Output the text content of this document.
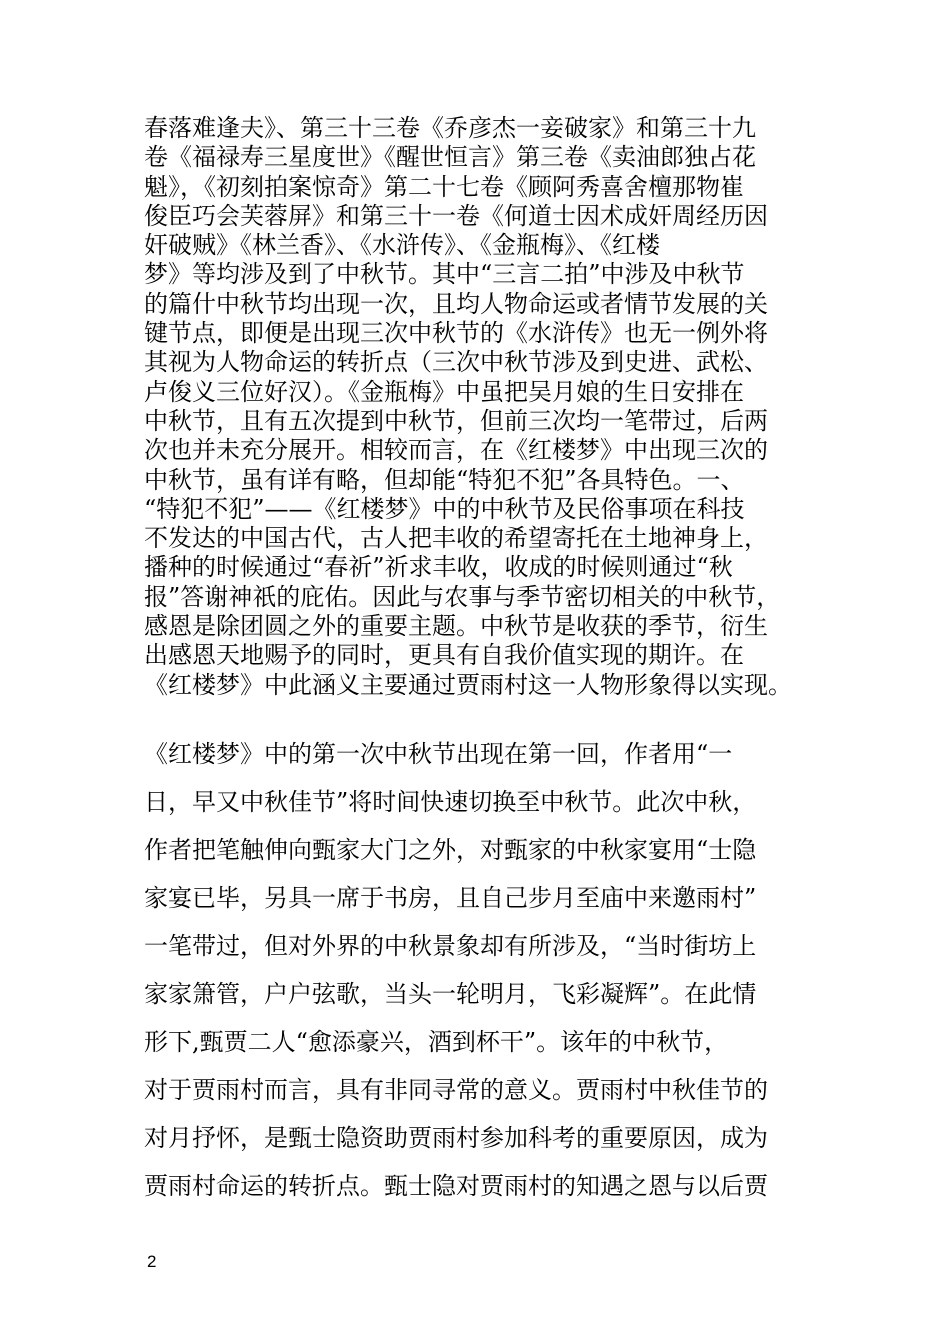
春落难逢夫》、第三十三卷《乔彦杰一妾破家》和第三十九
卷《福禄寿三星度世》《醒世恒言》第三卷《卖油郎独占花
魁》，《初刻拍案惊奇》第二十七卷《顾阿秀喜舍檀那物崔
俊臣巧会芙蓉屏》和第三十一卷《何道士因术成奸周经历因
奸破贼》《林兰香》、《水浒传》、《金瓶梅》、《红楼
梦》等均涉及到了中秋节。其中“三言二拍”中涉及中秋节
的篇什中秋节均出现一次，且均人物命运或者情节发展的关
键节点，即便是出现三次中秋节的《水浒传》也无一例外将
其视为人物命运的转折点（三次中秋节涉及到史进、武松、
卢俊义三位好汉）。《金瓶梅》中虽把吴月娘的生日安排在
中秋节，且有五次提到中秋节，但前三次均一笔带过，后两
次也并未充分展开。相较而言，在《红楼梦》中出现三次的
中秋节，虽有详有略，但却能“特犯不犯”各具特色。一、
“特犯不犯”——《红楼梦》中的中秋节及民俗事项在科技
不发达的中国古代，古人把丰收的希望寄托在土地神身上，
播种的时候通过“春祈”祈求丰收，收成的时候则通过“秋
报”答谢神祇的庇佑。因此与农事与季节密切相关的中秋节，
感恩是除团圆之外的重要主题。中秋节是收获的季节，衍生
出感恩天地赐予的同时，更具有自我价值实现的期许。在
《红楼梦》中此涵义主要通过贾雨村这一人物形象得以实现。
《红楼梦》中的第一次中秋节出现在第一回，作者用“一
日，早又中秋佳节”将时间快速切换至中秋节。此次中秋，
作者把笔触伸向甄家大门之外，对甄家的中秋家宴用“士隐
家宴已毕，另具一席于书房，且自己步月至庙中来邀雨村”
一笔带过，但对外界的中秋景象却有所涉及，“当时街坊上
家家箫管，户户弦歌，当头一轮明月，飞彩凝辉”。在此情
形下,甄贾二人“愈添豪兴，酒到杯干”。该年的中秋节，
对于贾雨村而言，具有非同寻常的意义。贾雨村中秋佳节的
对月抒怀，是甄士隐资助贾雨村参加科考的重要原因，成为
贾雨村命运的转折点。甄士隐对贾雨村的知遇之恩与以后贾
2
